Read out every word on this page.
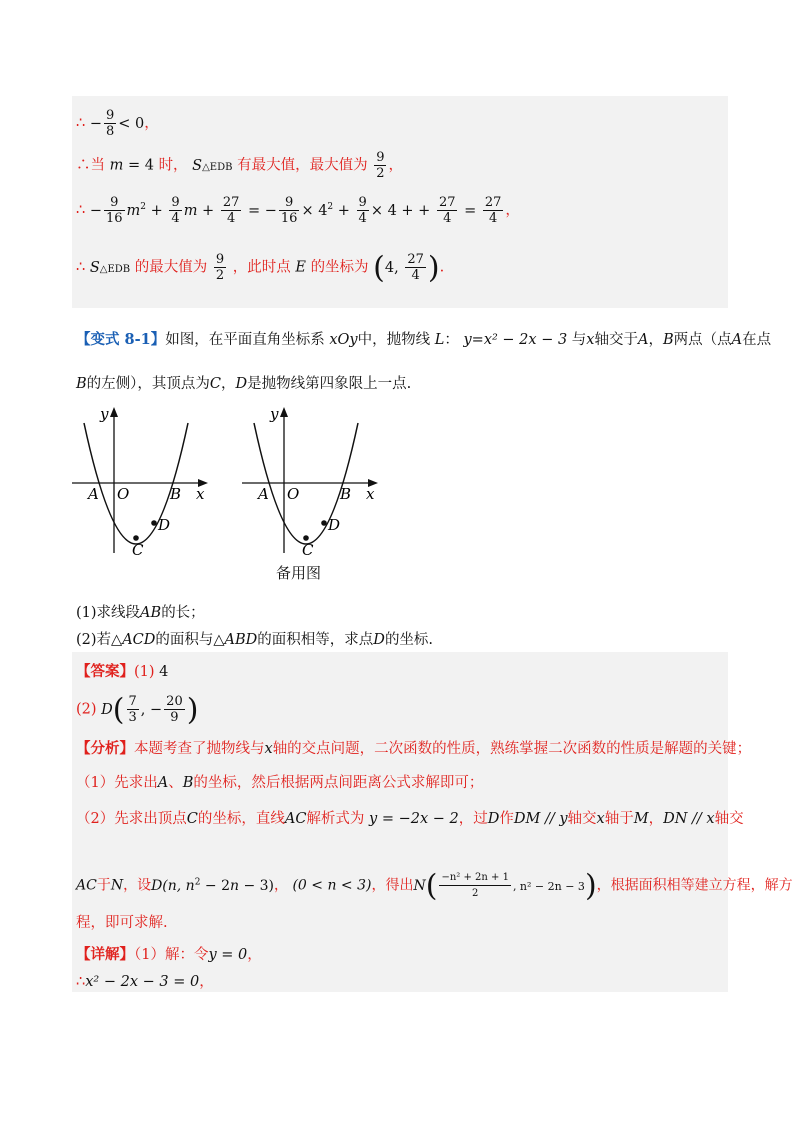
∴ − $\frac{9}{8} < 0$，
∴当 m = 4 时， S△EDB 有最大值，最大值为 $\frac{9}{2}$ ，
∴ − $\frac{9}{16} m^2 + \frac{9}{4}$ $m + \frac{27}{4}$ = − $\frac{9}{16} \times 4^2 + \frac{9}{4} \times 4$ + + $\frac{27}{4} = \frac{27}{4}$ ，
∴ S△EDB 的最大值为 $\frac{9}{2}$ ，此时点 E 的坐标为 (4, $\frac{27}{4}$ ).
【变式 8-1】如图，在平面直角坐标系 xOy中，抛物线 L： y=x² − 2x − 3 与x轴交于A，B两点（点A在点
B的左侧），其顶点为C，D是抛物线第四象限上一点.
y
x
A O	B
C
D
y
x
A O	B
C
D
备用图
(1)求线段AB的长；
(2)若△ACD的面积与△ABD的面积相等，求点D的坐标.
【答案】(1) 4
(2) $D( \frac{7}{3}$ , − $\frac{20}{9}$ )
【分析】本题考查了抛物线与x轴的交点问题，二次函数的性质，熟练掌握二次函数的性质是解题的关键；
（1）先求出A、B的坐标，然后根据两点间距离公式求解即可；
（2）先求出顶点C的坐标，直线AC解析式为 y = −2x − 2，过D作DM // y轴交x轴于M，DN // x轴交
AC于N，设D(n, $n^2 - 2n - 3$)， (0 < n < 3)，得出$N( \frac{\text{−n² + 2n + 1}}{2}$ , n² − 2n − 3)，根据面积相等建立方程，解方
程，即可求解.
【详解】（1）解：令y = 0，
∴x² − 2x − 3 = 0，
